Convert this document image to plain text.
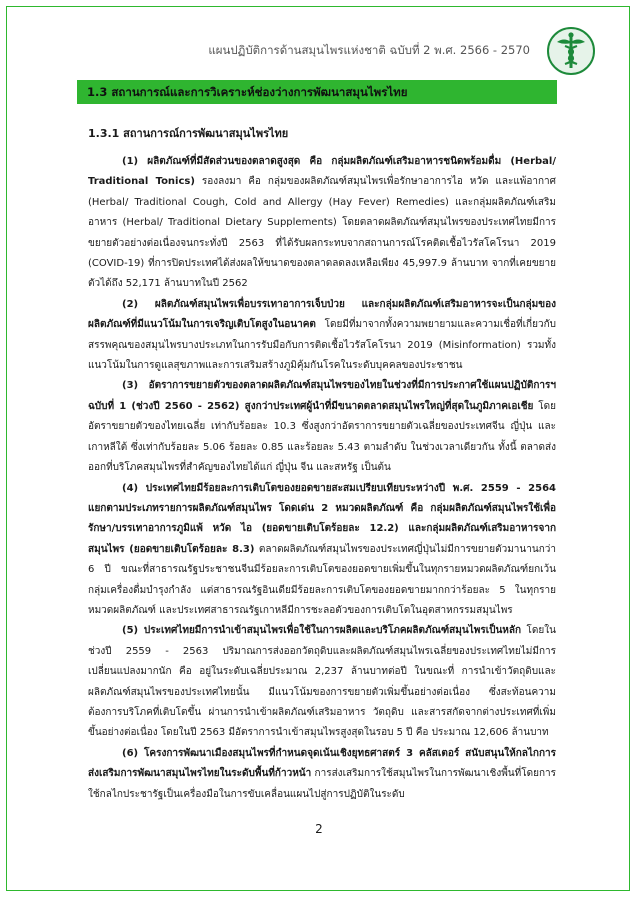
แผนปฏิบัติการด้านสมุนไพรแห่งชาติ ฉบับที่ 2 พ.ศ. 2566 - 2570
1.3 สถานการณ์และการวิเคราะห์ช่องว่างการพัฒนาสมุนไพรไทย
1.3.1 สถานการณ์การพัฒนาสมุนไพรไทย

(1) ผลิตภัณฑ์ที่มีสัดส่วนของตลาดสูงสุด คือ กลุ่มผลิตภัณฑ์เสริมอาหารชนิดพร้อมดื่ม (Herbal/ Traditional Tonics) รองลงมา คือ กลุ่มของผลิตภัณฑ์สมุนไพรเพื่อรักษาอาการไอ หวัด และแพ้อากาศ (Herbal/ Traditional Cough, Cold and Allergy (Hay Fever) Remedies) และกลุ่มผลิตภัณฑ์เสริมอาหาร (Herbal/ Traditional Dietary Supplements) โดยตลาดผลิตภัณฑ์สมุนไพรของประเทศไทยมีการขยายตัวอย่างต่อเนื่องจนกระทั่งปี 2563 ที่ได้รับผลกระทบจากสถานการณ์โรคติดเชื้อไวรัสโคโรนา 2019 (COVID-19) ที่การปิดประเทศได้ส่งผลให้ขนาดของตลาดลดลงเหลือเพียง 45,997.9 ล้านบาท จากที่เคยขยายตัวได้ถึง 52,171 ล้านบาทในปี 2562

(2) ผลิตภัณฑ์สมุนไพรเพื่อบรรเทาอาการเจ็บป่วย และกลุ่มผลิตภัณฑ์เสริมอาหารจะเป็นกลุ่มของผลิตภัณฑ์ที่มีแนวโน้มในการเจริญเติบโตสูงในอนาคต โดยมีที่มาจากทั้งความพยายามและความเชื่อที่เกี่ยวกับสรรพคุณของสมุนไพรบางประเภทในการรับมือกับการติดเชื้อไวรัสโคโรนา 2019 (Misinformation) รวมทั้งแนวโน้มในการดูแลสุขภาพและการเสริมสร้างภูมิคุ้มกันโรคในระดับบุคคลของประชาชน

(3) อัตราการขยายตัวของตลาดผลิตภัณฑ์สมุนไพรของไทยในช่วงที่มีการประกาศใช้แผนปฏิบัติการฯ ฉบับที่ 1 (ช่วงปี 2560 - 2562) สูงกว่าประเทศผู้นำที่มีขนาดตลาดสมุนไพรใหญ่ที่สุดในภูมิภาคเอเชีย โดยอัตราขยายตัวของไทยเฉลี่ย เท่ากับร้อยละ 10.3 ซึ่งสูงกว่าอัตราการขยายตัวเฉลี่ยของประเทศจีน ญี่ปุ่น และเกาหลีใต้ ซึ่งเท่ากับร้อยละ 5.06 ร้อยละ 0.85 และร้อยละ 5.43 ตามลำดับ ในช่วงเวลาเดียวกัน ทั้งนี้ ตลาดส่งออกที่บริโภคสมุนไพรที่สำคัญของไทยได้แก่ ญี่ปุ่น จีน และสหรัฐ เป็นต้น

(4) ประเทศไทยมีร้อยละการเติบโตของยอดขายสะสมเปรียบเทียบระหว่างปี พ.ศ. 2559 - 2564 แยกตามประเภทรายการผลิตภัณฑ์สมุนไพร โดดเด่น 2 หมวดผลิตภัณฑ์ คือ กลุ่มผลิตภัณฑ์สมุนไพรใช้เพื่อรักษา/บรรเทาอาการภูมิแพ้ หวัด ไอ (ยอดขายเติบโตร้อยละ 12.2) และกลุ่มผลิตภัณฑ์เสริมอาหารจากสมุนไพร (ยอดขายเติบโตร้อยละ 8.3) ตลาดผลิตภัณฑ์สมุนไพรของประเทศญี่ปุ่นไม่มีการขยายตัวมานานกว่า 6 ปี ขณะที่สาธารณรัฐประชาชนจีนมีร้อยละการเติบโตของยอดขายเพิ่มขึ้นในทุกรายหมวดผลิตภัณฑ์ยกเว้นกลุ่มเครื่องดื่มบำรุงกำลัง แต่สาธารณรัฐอินเดียมีร้อยละการเติบโตของยอดขายมากกว่าร้อยละ 5 ในทุกรายหมวดผลิตภัณฑ์ และประเทศสาธารณรัฐเกาหลีมีการชะลอตัวของการเติบโตในอุตสาหกรรมสมุนไพร

(5) ประเทศไทยมีการนำเข้าสมุนไพรเพื่อใช้ในการผลิตและบริโภคผลิตภัณฑ์สมุนไพรเป็นหลัก โดยในช่วงปี 2559 - 2563 ปริมาณการส่งออกวัตถุดิบและผลิตภัณฑ์สมุนไพรเฉลี่ยของประเทศไทยไม่มีการเปลี่ยนแปลงมากนัก คือ อยู่ในระดับเฉลี่ยประมาณ 2,237 ล้านบาทต่อปี ในขณะที่ การนำเข้าวัตถุดิบและผลิตภัณฑ์สมุนไพรของประเทศไทยนั้น มีแนวโน้มของการขยายตัวเพิ่มขึ้นอย่างต่อเนื่อง ซึ่งสะท้อนความต้องการบริโภคที่เติบโตขึ้น ผ่านการนำเข้าผลิตภัณฑ์เสริมอาหาร วัตถุดิบ และสารสกัดจากต่างประเทศที่เพิ่มขึ้นอย่างต่อเนื่อง โดยในปี 2563 มีอัตราการนำเข้าสมุนไพรสูงสุดในรอบ 5 ปี คือ ประมาณ 12,606 ล้านบาท

(6) โครงการพัฒนาเมืองสมุนไพรที่กำหนดจุดเน้นเชิงยุทธศาสตร์ 3 คลัสเตอร์ สนับสนุนให้กลไกการส่งเสริมการพัฒนาสมุนไพรไทยในระดับพื้นที่ก้าวหน้า การส่งเสริมการใช้สมุนไพรในการพัฒนาเชิงพื้นที่โดยการใช้กลไกประชารัฐเป็นเครื่องมือในการขับเคลื่อนแผนไปสู่การปฏิบัติในระดับ

2
